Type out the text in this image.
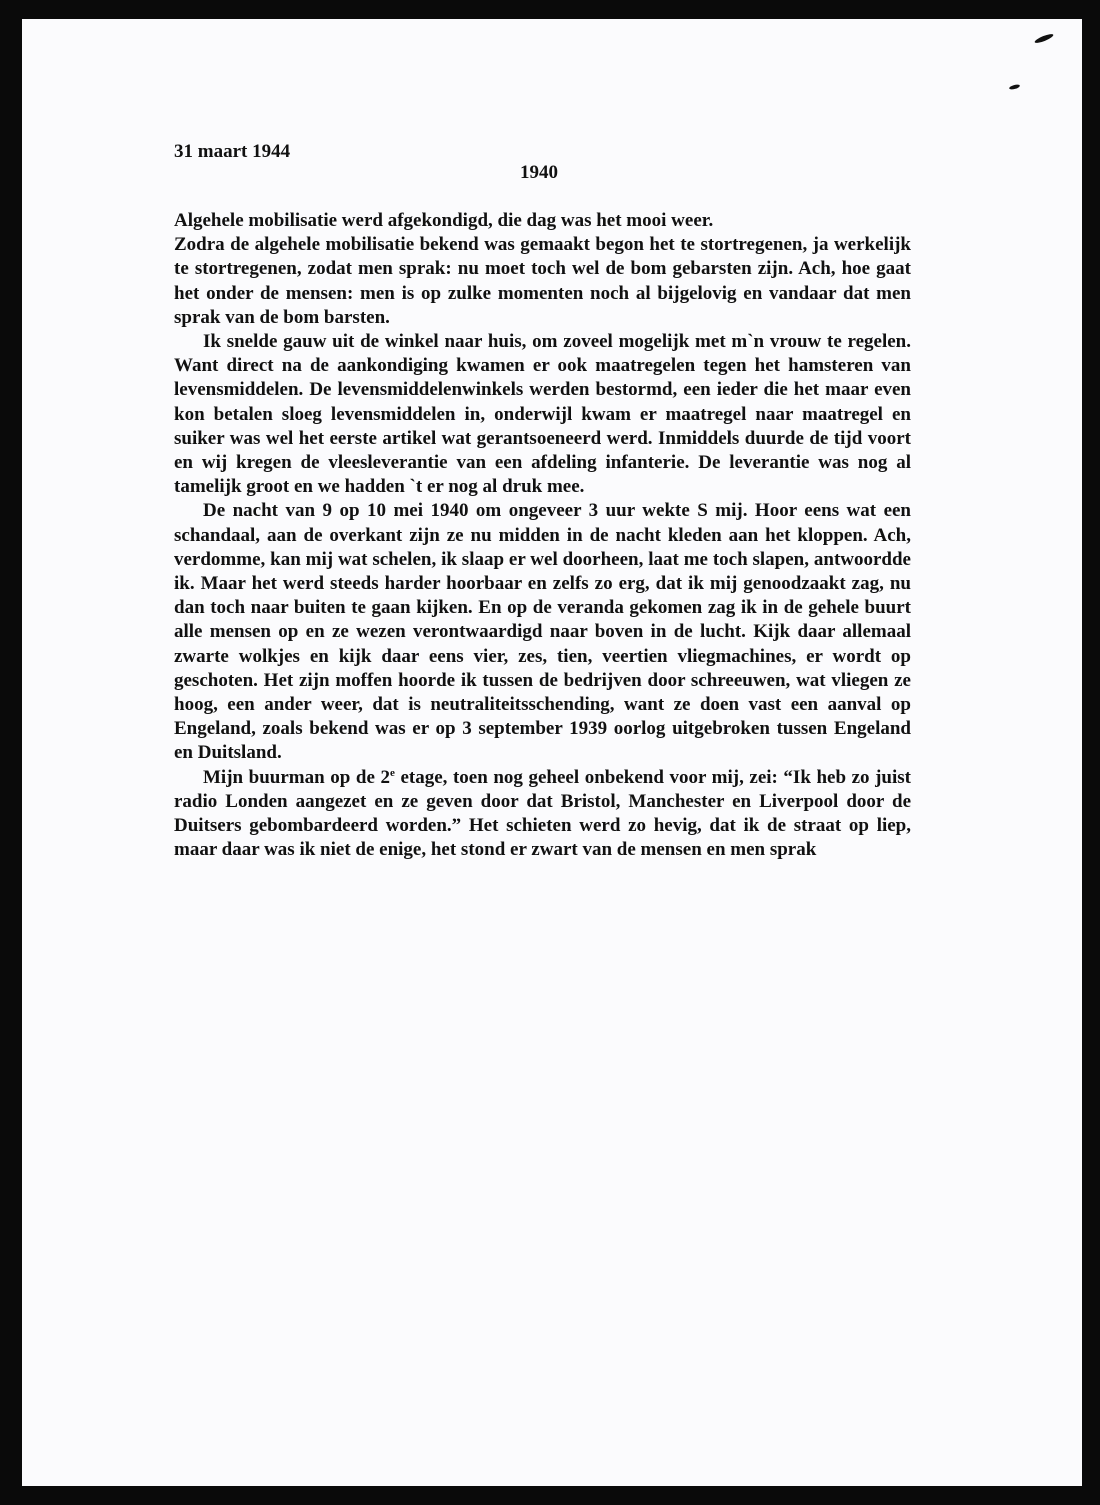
31 maart 1944

1940

Algehele mobilisatie werd afgekondigd, die dag was het mooi weer.

Zodra de algehele mobilisatie bekend was gemaakt begon het te stortregenen, ja werkelijk te stortregenen, zodat men sprak: nu moet toch wel de bom gebarsten zijn. Ach, hoe gaat het onder de mensen: men is op zulke momenten noch al bijgelovig en vandaar dat men sprak van de bom barsten.

Ik snelde gauw uit de winkel naar huis, om zoveel mogelijk met m`n vrouw te regelen. Want direct na de aankondiging kwamen er ook maatregelen tegen het hamsteren van levensmiddelen. De levensmiddelenwinkels werden bestormd, een ieder die het maar even kon betalen sloeg levensmiddelen in, onderwijl kwam er maatregel naar maatregel en suiker was wel het eerste artikel wat gerantsoeneerd werd. Inmiddels duurde de tijd voort en wij kregen de vleesleverantie van een afdeling infanterie. De leverantie was nog al tamelijk groot en we hadden `t er nog al druk mee.

De nacht van 9 op 10 mei 1940 om ongeveer 3 uur wekte S mij. Hoor eens wat een schandaal, aan de overkant zijn ze nu midden in de nacht kleden aan het kloppen. Ach, verdomme, kan mij wat schelen, ik slaap er wel doorheen, laat me toch slapen, antwoordde ik. Maar het werd steeds harder hoorbaar en zelfs zo erg, dat ik mij genoodzaakt zag, nu dan toch naar buiten te gaan kijken. En op de veranda gekomen zag ik in de gehele buurt alle mensen op en ze wezen verontwaardigd naar boven in de lucht. Kijk daar allemaal zwarte wolkjes en kijk daar eens vier, zes, tien, veertien vliegmachines, er wordt op geschoten. Het zijn moffen hoorde ik tussen de bedrijven door schreeuwen, wat vliegen ze hoog, een ander weer, dat is neutraliteitsschending, want ze doen vast een aanval op Engeland, zoals bekend was er op 3 september 1939 oorlog uitgebroken tussen Engeland en Duitsland.

Mijn buurman op de 2e etage, toen nog geheel onbekend voor mij, zei: “Ik heb zo juist radio Londen aangezet en ze geven door dat Bristol, Manchester en Liverpool door de Duitsers gebombardeerd worden.” Het schieten werd zo hevig, dat ik de straat op liep, maar daar was ik niet de enige, het stond er zwart van de mensen en men sprak
